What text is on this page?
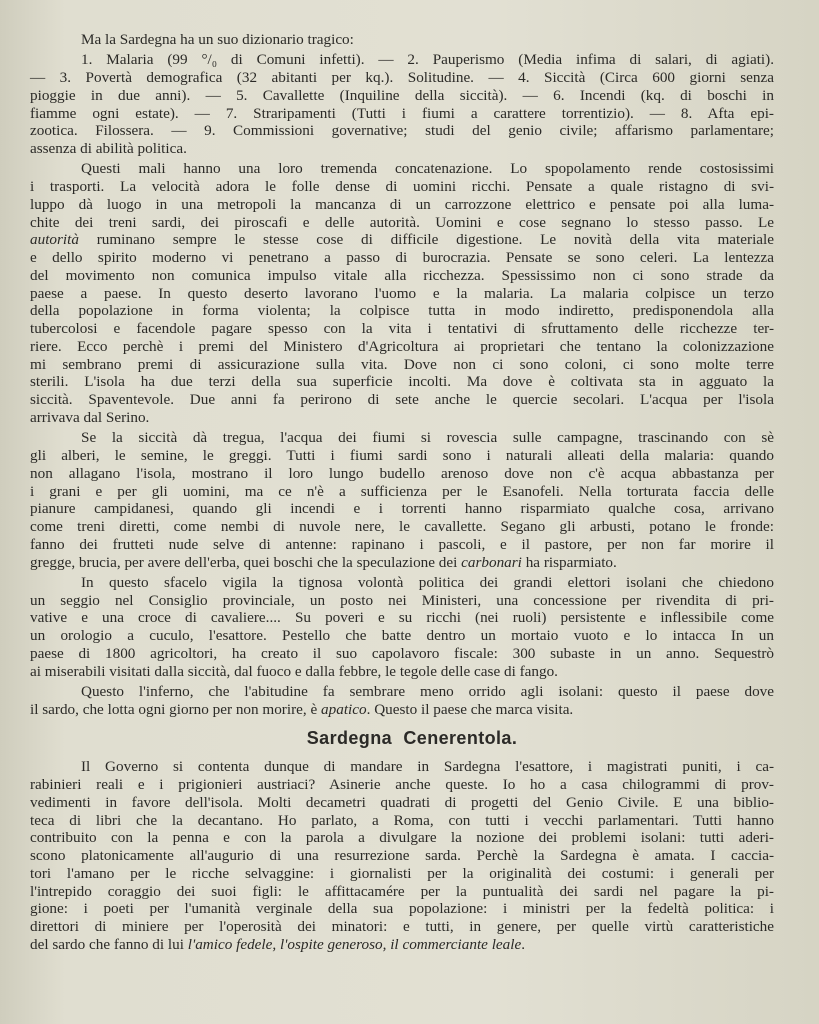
Ma la Sardegna ha un suo dizionario tragico:
1. Malaria (99 °/₀ di Comuni infetti). — 2. Pauperismo (Media infima di salari, di agiati).
— 3. Povertà demografica (32 abitanti per kq.). Solitudine. — 4. Siccità (Circa 600 giorni senza
pioggie in due anni). — 5. Cavallette (Inquiline della siccità). — 6. Incendi (kq. di boschi in
fiamme ogni estate). — 7. Straripamenti (Tutti i fiumi a carattere torrentizio). — 8. Afta epi-
zootica. Filossera. — 9. Commissioni governative; studi del genio civile; affarismo parlamentare;
assenza di abilità politica.
Questi mali hanno una loro tremenda concatenazione. Lo spopolamento rende costosissimi
i trasporti. La velocità adora le folle dense di uomini ricchi. Pensate a quale ristagno di svi-
luppo dà luogo in una metropoli la mancanza di un carrozzone elettrico e pensate poi alla luma-
chite dei treni sardi, dei piroscafi e delle autorità. Uomini e cose segnano lo stesso passo. Le
autorità ruminano sempre le stesse cose di difficile digestione. Le novità della vita materiale
e dello spirito moderno vi penetrano a passo di burocrazia. Pensate se sono celeri. La lentezza
del movimento non comunica impulso vitale alla ricchezza. Spessissimo non ci sono strade da
paese a paese. In questo deserto lavorano l'uomo e la malaria. La malaria colpisce un terzo
della popolazione in forma violenta; la colpisce tutta in modo indiretto, predisponendola alla
tubercolosi e facendole pagare spesso con la vita i tentativi di sfruttamento delle ricchezze ter-
riere. Ecco perchè i premi del Ministero d'Agricoltura ai proprietari che tentano la colonizzazione
mi sembrano premi di assicurazione sulla vita. Dove non ci sono coloni, ci sono molte terre
sterili. L'isola ha due terzi della sua superficie incolti. Ma dove è coltivata sta in agguato la
siccità. Spaventevole. Due anni fa perirono di sete anche le quercie secolari. L'acqua per l'isola
arrivava dal Serino.
Se la siccità dà tregua, l'acqua dei fiumi si rovescia sulle campagne, trascinando con sè
gli alberi, le semine, le greggi. Tutti i fiumi sardi sono i naturali alleati della malaria: quando
non allagano l'isola, mostrano il loro lungo budello arenoso dove non c'è acqua abbastanza per
i grani e per gli uomini, ma ce n'è a sufficienza per le Esanofeli. Nella torturata faccia delle
pianure campidanesi, quando gli incendi e i torrenti hanno risparmiato qualche cosa, arrivano
come treni diretti, come nembi di nuvole nere, le cavallette. Segano gli arbusti, potano le fronde:
fanno dei frutteti nude selve di antenne: rapinano i pascoli, e il pastore, per non far morire il
gregge, brucia, per avere dell'erba, quei boschi che la speculazione dei carbonari ha risparmiato.
In questo sfacelo vigila la tignosa volontà politica dei grandi elettori isolani che chiedono
un seggio nel Consiglio provinciale, un posto nei Ministeri, una concessione per rivendita di pri-
vative e una croce di cavaliere.... Su poveri e su ricchi (nei ruoli) persistente e inflessibile come
un orologio a cuculo, l'esattore. Pestello che batte dentro un mortaio vuoto e lo intacca In un
paese di 1800 agricoltori, ha creato il suo capolavoro fiscale: 300 subaste in un anno. Sequestrò
ai miserabili visitati dalla siccità, dal fuoco e dalla febbre, le tegole delle case di fango.
Questo l'inferno, che l'abitudine fa sembrare meno orrido agli isolani: questo il paese dove
il sardo, che lotta ogni giorno per non morire, è apatico. Questo il paese che marca visita.
Sardegna Cenerentola.
Il Governo si contenta dunque di mandare in Sardegna l'esattore, i magistrati puniti, i ca-
rabinieri reali e i prigionieri austriaci? Asinerie anche queste. Io ho a casa chilogrammi di prov-
vedimenti in favore dell'isola. Molti decametri quadrati di progetti del Genio Civile. E una biblio-
teca di libri che la decantano. Ho parlato, a Roma, con tutti i vecchi parlamentari. Tutti hanno
contribuito con la penna e con la parola a divulgare la nozione dei problemi isolani: tutti aderi-
scono platonicamente all'augurio di una resurrezione sarda. Perchè la Sardegna è amata. I caccia-
tori l'amano per le ricche selvaggine: i giornalisti per la originalità dei costumi: i generali per
l'intrepido coraggio dei suoi figli: le affittacamére per la puntualità dei sardi nel pagare la pi-
gione: i poeti per l'umanità verginale della sua popolazione: i ministri per la fedeltà politica: i
direttori di miniere per l'operosità dei minatori: e tutti, in genere, per quelle virtù caratteristiche
del sardo che fanno di lui l'amico fedele, l'ospite generoso, il commerciante leale.
